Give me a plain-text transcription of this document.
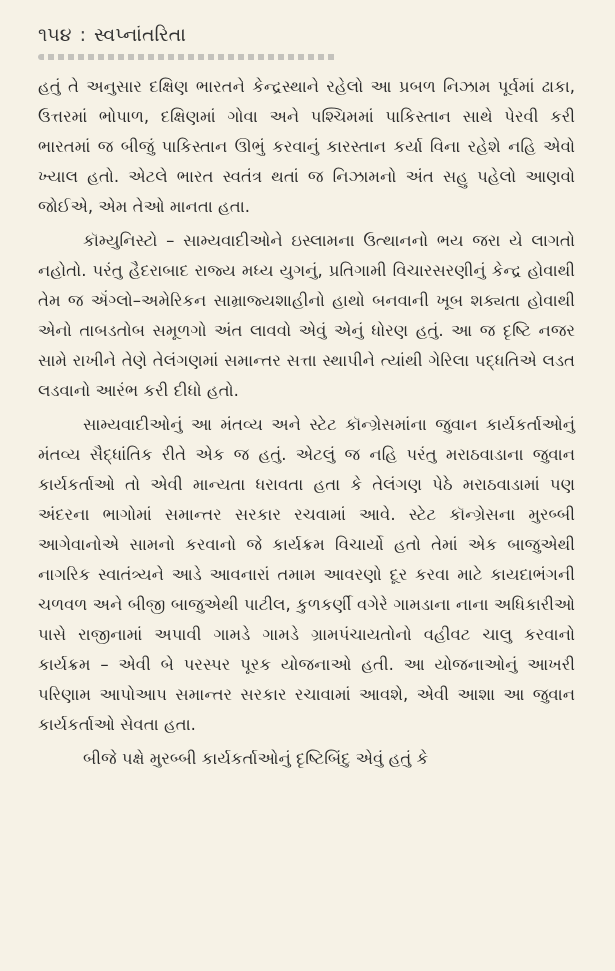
૧૫૪ : સ્વપ્નાંતરિતા

હતું તે અનુસાર દક્ષિણ ભારતને કેન્દ્રસ્થાને રહેલો આ પ્રબળ નિઝામ પૂર્વમાં ઢાકા, ઉત્તરમાં ભોપાળ, દક્ષિણમાં ગોવા અને પશ્ચિમમાં પાકિસ્તાન સાથે પેરવી કરી ભારતમાં જ બીજું પાકિસ્તાન ઊભું કરવાનું કારસ્તાન કર્યા વિના રહેશે નહિ એવો ખ્યાલ હતો. એટલે ભારત સ્વતંત્ર થતાં જ નિઝામનો અંત સહુ પહેલો આણવો જોઈએ, એમ તેઓ માનતા હતા.

કૉમ્યુનિસ્ટો – સામ્યવાદીઓને ઇસ્લામના ઉત્થાનનો ભય જરા યે લાગતો નહોતો. પરંતુ હૈદરાબાદ રાજ્ય મધ્ય યુગનું, પ્રતિગામી વિચારસરણીનું કેન્દ્ર હોવાથી તેમ જ ઍંગ્લો–અમેરિકન સામ્રાજ્યશાહીનો હાથો બનવાની ખૂબ શક્યતા હોવાથી એનો તાબડતોબ સમૂળગો અંત લાવવો એવું એનું ધોરણ હતું. આ જ દૃષ્ટિ નજર સામે રાખીને તેણે તેલંગણમાં સમાન્તર સત્તા સ્થાપીને ત્યાંથી ગેરિલા પદ્ધતિએ લડત લડવાનો આરંભ કરી દીધો હતો.

સામ્યવાદીઓનું આ મંતવ્ય અને સ્ટેટ કૉન્ગ્રેસમાંના જુવાન કાર્યકર્તાઓનું મંતવ્ય સૈદ્ધાંતિક રીતે એક જ હતું. એટલું જ નહિ પરંતુ મરાઠવાડાના જુવાન કાર્યકર્તાઓ તો એવી માન્યતા ધરાવતા હતા કે તેલંગણ પેઠે મરાઠવાડામાં પણ અંદરના ભાગોમાં સમાન્તર સરકાર રચવામાં આવે. સ્ટેટ કૉન્ગ્રેસના મુરબ્બી આગેવાનોએ સામનો કરવાનો જે કાર્યક્રમ વિચાર્યો હતો તેમાં એક બાજુએથી નાગરિક સ્વાતંત્ર્યને આડે આવનારાં તમામ આવરણો દૂર કરવા માટે કાયદાભંગની ચળવળ અને બીજી બાજુએથી પાટીલ, કુળકર્ણી વગેરે ગામડાના નાના અધિકારીઓ પાસે રાજીનામાં અપાવી ગામડે ગામડે ગ્રામપંચાયતોનો વહીવટ ચાલુ કરવાનો કાર્યક્રમ – એવી બે પરસ્પર પૂરક યોજનાઓ હતી. આ યોજનાઓનું આખરી પરિણામ આપોઆપ સમાન્તર સરકાર રચાવામાં આવશે, એવી આશા આ જુવાન કાર્યકર્તાઓ સેવતા હતા.

બીજે પક્ષે મુરબ્બી કાર્યકર્તાઓનું દૃષ્ટિબિંદુ એવું હતું કે
